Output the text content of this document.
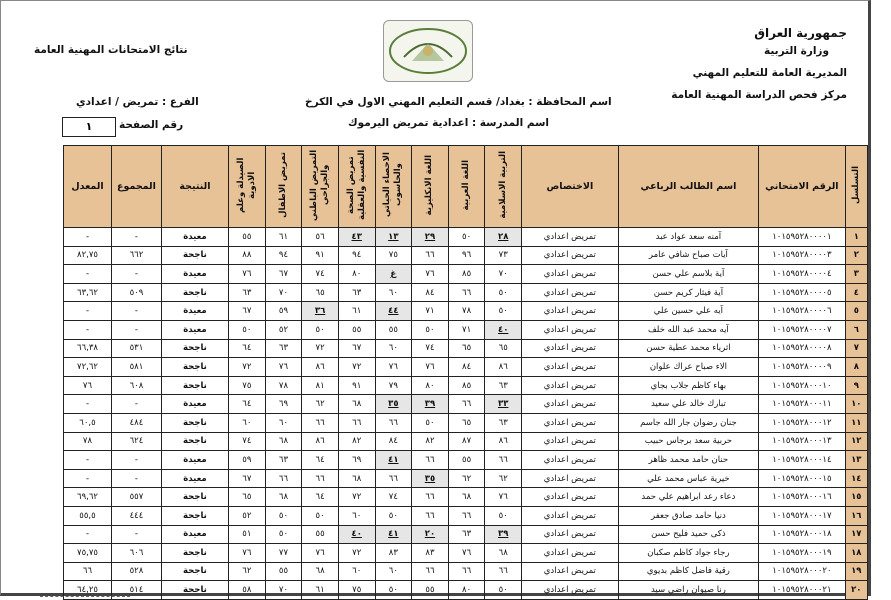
جمهورية العراق
وزارة التربية
المديرية العامة للتعليم المهني
مركز فحص الدراسة المهنية العامة
نتائج الامتحانات المهنية العامة
اسم المحافظة : بغداد/ قسم التعليم المهني الاول في الكرخ
اسم المدرسة : اعدادية تمريض اليرموك
الفرع : تمريض / اعدادي
رقم الصفحة
١
التسلسل	الرقم الامتحاني	اسم الطالب الرباعي	الاختصاص	التربية الاسلامية	اللغة العربية	اللغة الانكليزية	الاحصاء الحياتي والحاسوب	تمريض الصحة النفسية والعقلية	التمريض الباطني والجراحي	تمريض الاطفال	الصيدلة وعلم الادوية	النتيجة	المجموع	المعدل
١	١٠١٥٩٥٢٨٠٠٠٠١	آمنه سعد عواد عبد	تمريض اعدادي	٢٨	٥٠	٢٩	١٣	٤٣	٥٦	٦١	٥٥	معيدة	-	-
٢	١٠١٥٩٥٢٨٠٠٠٠٣	آيات صباح شافي عامر	تمريض اعدادي	٧٣	٩٦	٦٦	٧٥	٩٤	٩١	٩٤	٨٨	ناجحة	٦٦٢	٨٢,٧٥
٣	١٠١٥٩٥٢٨٠٠٠٠٤	آية بلاسم علي حسن	تمريض اعدادي	٧٠	٨٥	٧٦	غ	٨٠	٧٤	٦٧	٧٦	معيدة	-	-
٤	١٠١٥٩٥٢٨٠٠٠٠٥	آية فيثار كريم حسن	تمريض اعدادي	٥٠	٦٦	٨٤	٦٠	٦٣	٦٥	٧٠	٦٣	ناجحة	٥٠٩	٦٣,٦٢
٥	١٠١٥٩٥٢٨٠٠٠٠٦	آيه علي حسين علي	تمريض اعدادي	٥٠	٧٨	٧١	٤٤	٦١	٣٦	٥٩	٦٧	معيدة	-	-
٦	١٠١٥٩٥٢٨٠٠٠٠٧	آيه محمد عبد الله خلف	تمريض اعدادي	٤٠	٧١	٥٠	٥٥	٥٥	٥٠	٥٢	٥٠	معيدة	-	-
٧	١٠١٥٩٥٢٨٠٠٠٠٨	اثرياء محمد عطية حسن	تمريض اعدادي	٦٥	٦٥	٧٤	٦٠	٦٧	٧٢	٦٣	٦٤	ناجحة	٥٣١	٦٦,٣٨
٨	١٠١٥٩٥٢٨٠٠٠٠٩	الاء صباح عراك علوان	تمريض اعدادي	٨٦	٨٤	٧٦	٧٦	٧٢	٨٦	٧٦	٧٢	ناجحة	٥٨١	٧٢,٦٢
٩	١٠١٥٩٥٢٨٠٠٠١٠	بهاء كاظم جلاب بجاي	تمريض اعدادي	٦٣	٨٥	٨٠	٧٩	٩١	٨١	٧٨	٧٥	ناجحة	٦٠٨	٧٦
١٠	١٠١٥٩٥٢٨٠٠٠١١	تبارك خالد علي سعيد	تمريض اعدادي	٣٣	٦٦	٣٩	٣٥	٦٨	٦٢	٦٩	٦٤	معيدة	-	-
١١	١٠١٥٩٥٢٨٠٠٠١٢	جنان رضوان جار الله جاسم	تمريض اعدادي	٦٣	٦٥	٥٠	٦٦	٦٦	٦٦	٦٠	٦٠	ناجحة	٤٨٤	٦٠,٥
١٢	١٠١٥٩٥٢٨٠٠٠١٣	حربية سعد برجاس حبيب	تمريض اعدادي	٨٦	٨٧	٨٢	٨٤	٨٢	٨٦	٦٨	٧٤	ناجحة	٦٢٤	٧٨
١٣	١٠١٥٩٥٢٨٠٠٠١٤	حنان حامد محمد ظاهر	تمريض اعدادي	٦٦	٥٥	٦٦	٤١	٦٩	٦٤	٦٣	٥٩	معيدة	-	-
١٤	١٠١٥٩٥٢٨٠٠٠١٥	خيرية عباس محمد علي	تمريض اعدادي	٦٢	٦٢	٣٥	٦٦	٦٨	٦٦	٦٦	٦٧	معيدة	-	-
١٥	١٠١٥٩٥٢٨٠٠٠١٦	دعاء رعد ابراهيم علي حمد	تمريض اعدادي	٧٦	٦٨	٦٦	٧٤	٧٢	٦٤	٦٨	٦٥	ناجحة	٥٥٧	٦٩,٦٢
١٦	١٠١٥٩٥٢٨٠٠٠١٧	دنيا حامد صادق جعفر	تمريض اعدادي	٥٠	٦٦	٦٦	٥٠	٦٠	٥٠	٥٠	٥٢	ناجحة	٤٤٤	٥٥,٥
١٧	١٠١٥٩٥٢٨٠٠٠١٨	ذكى حميد فليح حسن	تمريض اعدادي	٣٩	٦٣	٢٠	٤١	٤٠	٥٥	٥٠	٥١	معيدة	-	-
١٨	١٠١٥٩٥٢٨٠٠٠١٩	رجاء جواد كاظم صكبان	تمريض اعدادي	٦٨	٧٦	٨٣	٨٣	٧٢	٧٦	٧٧	٧٦	ناجحة	٦٠٦	٧٥,٧٥
١٩	١٠١٥٩٥٢٨٠٠٠٢٠	رقية فاضل كاظم بديوي	تمريض اعدادي	٦٦	٦٦	٦٦	٦٠	٦٠	٦٨	٥٥	٦٢	ناجحة	٥٢٨	٦٦
٢٠	١٠١٥٩٥٢٨٠٠٠٢١	رنا صيوان راضي سيد	تمريض اعدادي	٥٠	٨٠	٥٥	٥٠	٧٥	٦١	٧٠	٥٨	ناجحة	٥١٤	٦٤,٢٥
